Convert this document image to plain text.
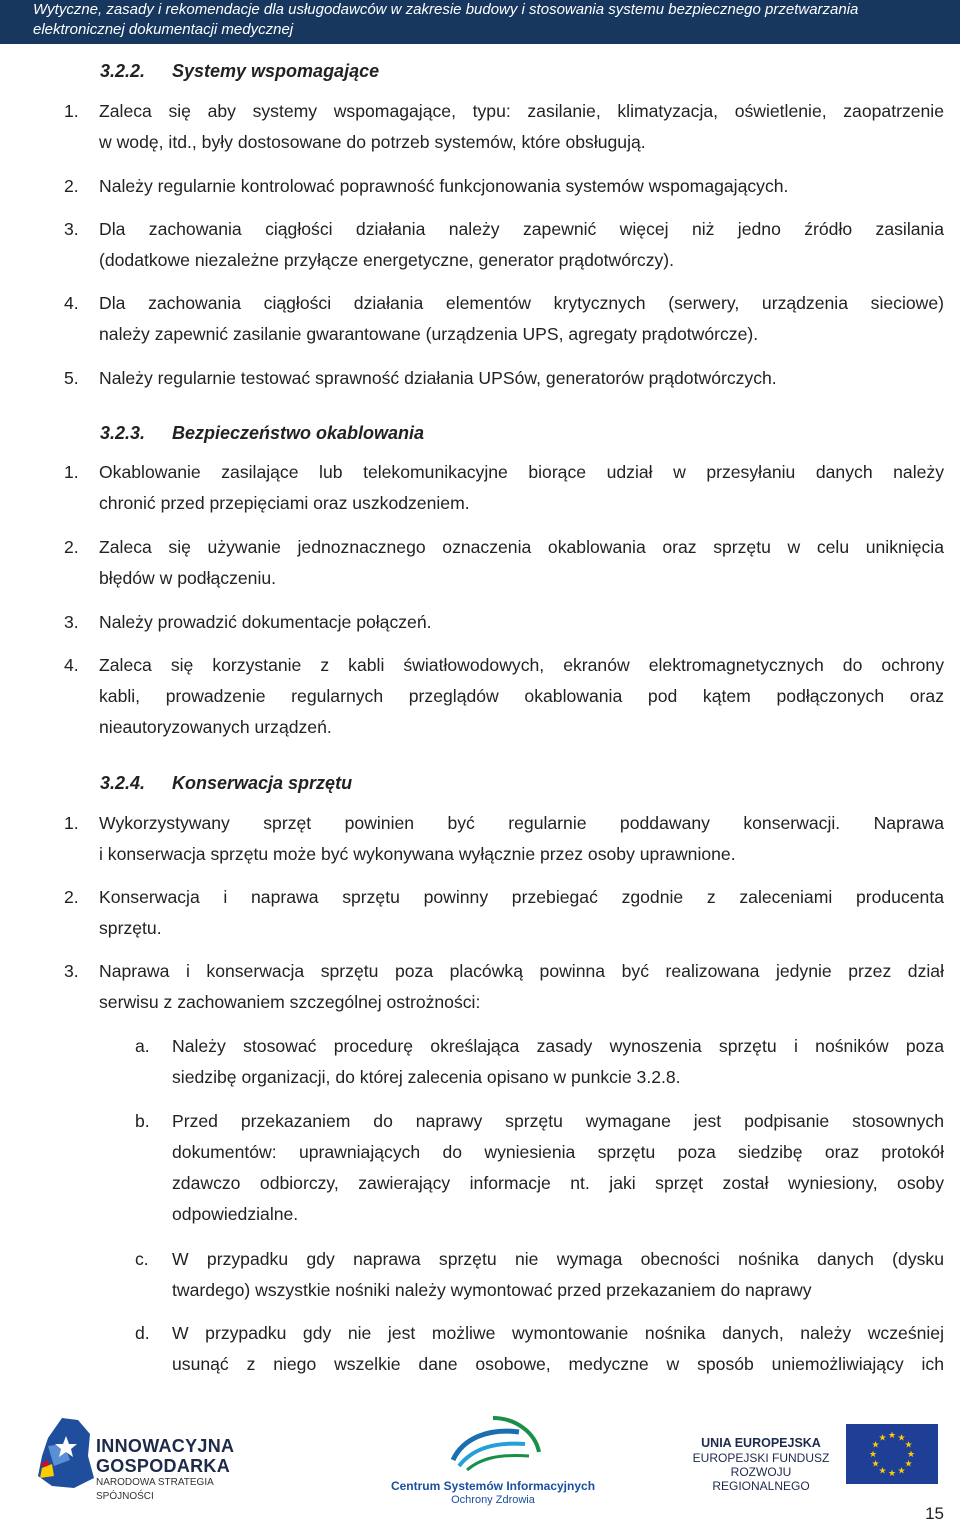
Wytyczne, zasady i rekomendacje dla usługodawców w zakresie budowy i stosowania systemu bezpiecznego przetwarzania elektronicznej dokumentacji medycznej
3.2.2. Systemy wspomagające
1.	Zaleca się aby systemy wspomagające, typu: zasilanie, klimatyzacja, oświetlenie, zaopatrzenie
w wodę, itd., były dostosowane do potrzeb systemów, które obsługują.
2.	Należy regularnie kontrolować poprawność funkcjonowania systemów wspomagających.
3.	Dla zachowania ciągłości działania należy zapewnić więcej niż jedno źródło zasilania
(dodatkowe niezależne przyłącze energetyczne, generator prądotwórczy).
4.	Dla zachowania ciągłości działania elementów krytycznych (serwery, urządzenia sieciowe)
należy zapewnić zasilanie gwarantowane (urządzenia UPS, agregaty prądotwórcze).
5.	Należy regularnie testować sprawność działania UPSów, generatorów prądotwórczych.
3.2.3. Bezpieczeństwo okablowania
1.	Okablowanie zasilające lub telekomunikacyjne biorące udział w przesyłaniu danych należy
chronić przed przepięciami oraz uszkodzeniem.
2.	Zaleca się używanie jednoznacznego oznaczenia okablowania oraz sprzętu w celu uniknięcia
błędów w podłączeniu.
3.	Należy prowadzić dokumentacje połączeń.
4.	Zaleca się korzystanie z kabli światłowodowych, ekranów elektromagnetycznych do ochrony
kabli, prowadzenie regularnych przeglądów okablowania pod kątem podłączonych oraz
nieautoryzowanych urządzeń.
3.2.4. Konserwacja sprzętu
1.	Wykorzystywany sprzęt powinien być regularnie poddawany konserwacji. Naprawa
i konserwacja sprzętu może być wykonywana wyłącznie przez osoby uprawnione.
2.	Konserwacja i naprawa sprzętu powinny przebiegać zgodnie z zaleceniami producenta
sprzętu.
3.	Naprawa i konserwacja sprzętu poza placówką powinna być realizowana jedynie przez dział
serwisu z zachowaniem szczególnej ostrożności:
a.	Należy stosować procedurę określająca zasady wynoszenia sprzętu i nośników poza
siedzibę organizacji, do której zalecenia opisano w punkcie 3.2.8.
b.	Przed przekazaniem do naprawy sprzętu wymagane jest podpisanie stosownych
dokumentów: uprawniających do wyniesienia sprzętu poza siedzibę oraz protokół
zdawczo odbiorczy, zawierający informacje nt. jaki sprzęt został wyniesiony, osoby
odpowiedzialne.
c.	W przypadku gdy naprawa sprzętu nie wymaga obecności nośnika danych (dysku
twardego) wszystkie nośniki należy wymontować przed przekazaniem do naprawy
d.	W przypadku gdy nie jest możliwe wymontowanie nośnika danych, należy wcześniej
usunąć z niego wszelkie dane osobowe, medyczne w sposób uniemożliwiający ich
INNOWACYJNA
GOSPODARKA
NARODOWA STRATEGIA SPÓJNOŚCI
Centrum Systemów Informacyjnych
Ochrony Zdrowia
UNIA EUROPEJSKA
EUROPEJSKI FUNDUSZ
ROZWOJU REGIONALNEGO
★ ★
★
★
★
★
★
★
★
★
★
★
15
